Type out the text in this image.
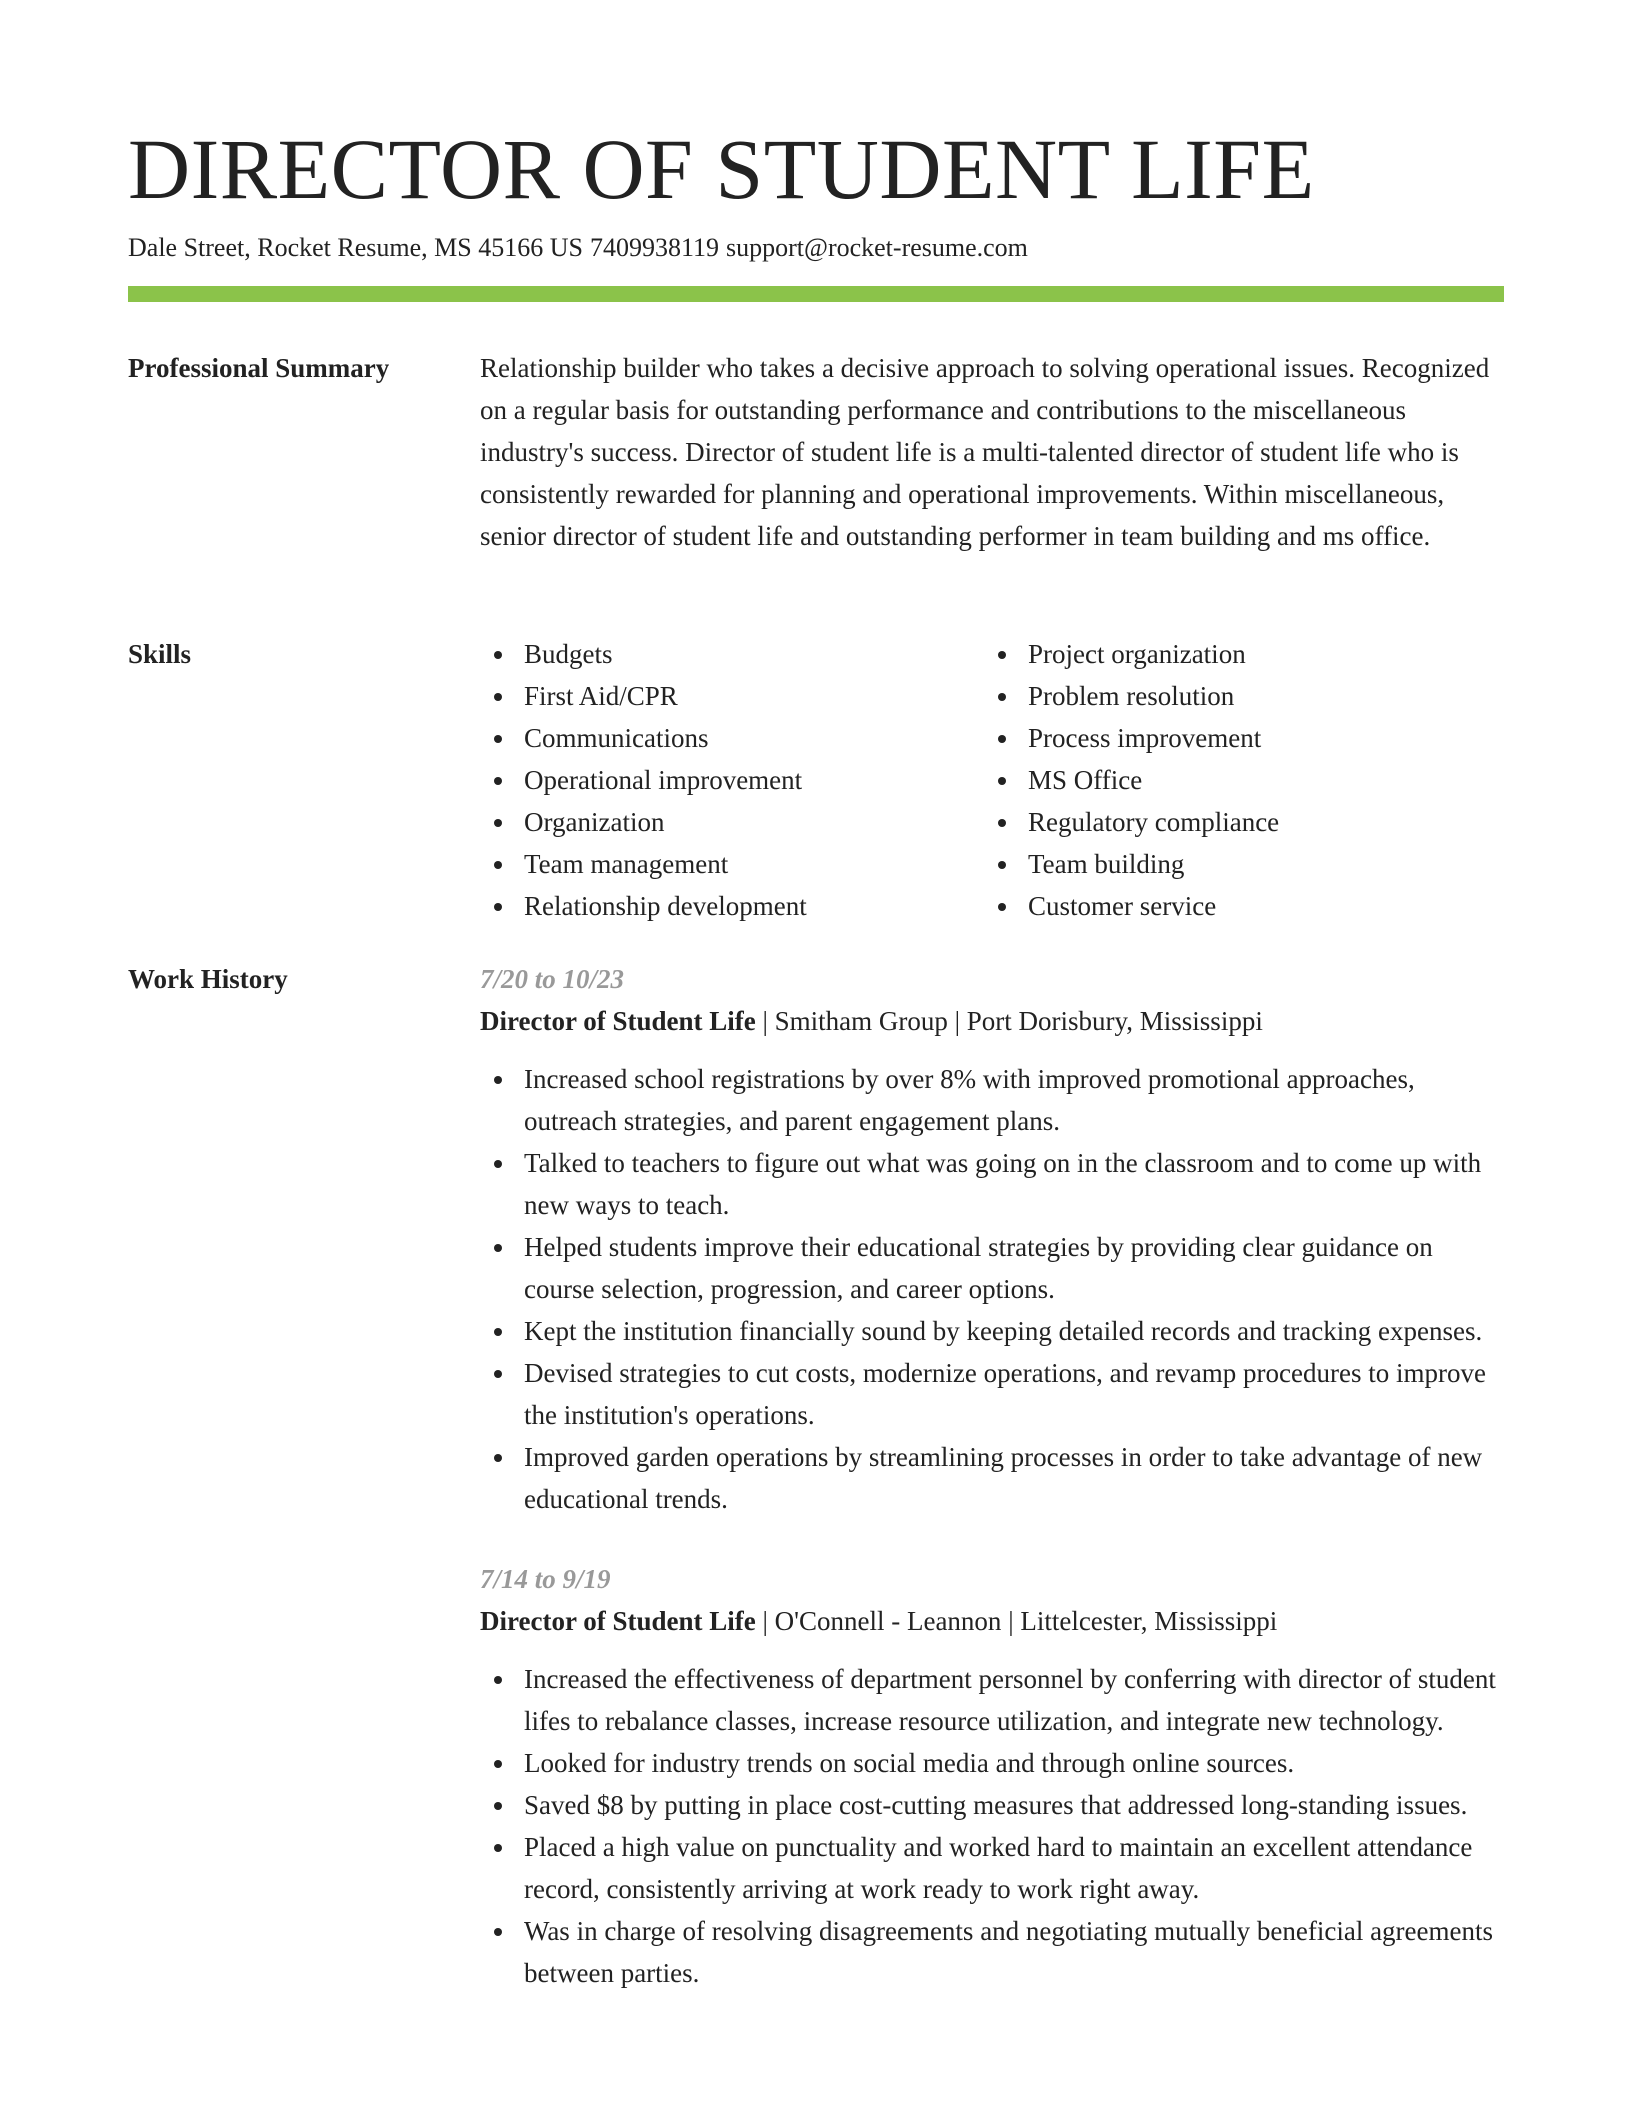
DIRECTOR OF STUDENT LIFE
Dale Street, Rocket Resume, MS 45166 US 7409938119 support@rocket-resume.com
Professional Summary	Relationship builder who takes a decisive approach to solving operational issues. Recognized on a regular basis for outstanding performance and contributions to the miscellaneous industry's success. Director of student life is a multi-talented director of student life who is consistently rewarded for planning and operational improvements. Within miscellaneous, senior director of student life and outstanding performer in team building and ms office.

Skills	Budgets
First Aid/CPR
Communications
Operational improvement
Organization
Team management
Relationship development
Project organization
Problem resolution
Process improvement
MS Office
Regulatory compliance
Team building
Customer service
Work History	7/20 to 10/23
Director of Student Life | Smitham Group | Port Dorisbury, Mississippi
Increased school registrations by over 8% with improved promotional approaches, outreach strategies, and parent engagement plans.
Talked to teachers to figure out what was going on in the classroom and to come up with new ways to teach.
Helped students improve their educational strategies by providing clear guidance on course selection, progression, and career options.
Kept the institution financially sound by keeping detailed records and tracking expenses.
Devised strategies to cut costs, modernize operations, and revamp procedures to improve the institution's operations.
Improved garden operations by streamlining processes in order to take advantage of new educational trends.
7/14 to 9/19
Director of Student Life | O'Connell - Leannon | Littelcester, Mississippi
Increased the effectiveness of department personnel by conferring with director of student lifes to rebalance classes, increase resource utilization, and integrate new technology.
Looked for industry trends on social media and through online sources.
Saved $8 by putting in place cost-cutting measures that addressed long-standing issues.
Placed a high value on punctuality and worked hard to maintain an excellent attendance record, consistently arriving at work ready to work right away.
Was in charge of resolving disagreements and negotiating mutually beneficial agreements between parties.
